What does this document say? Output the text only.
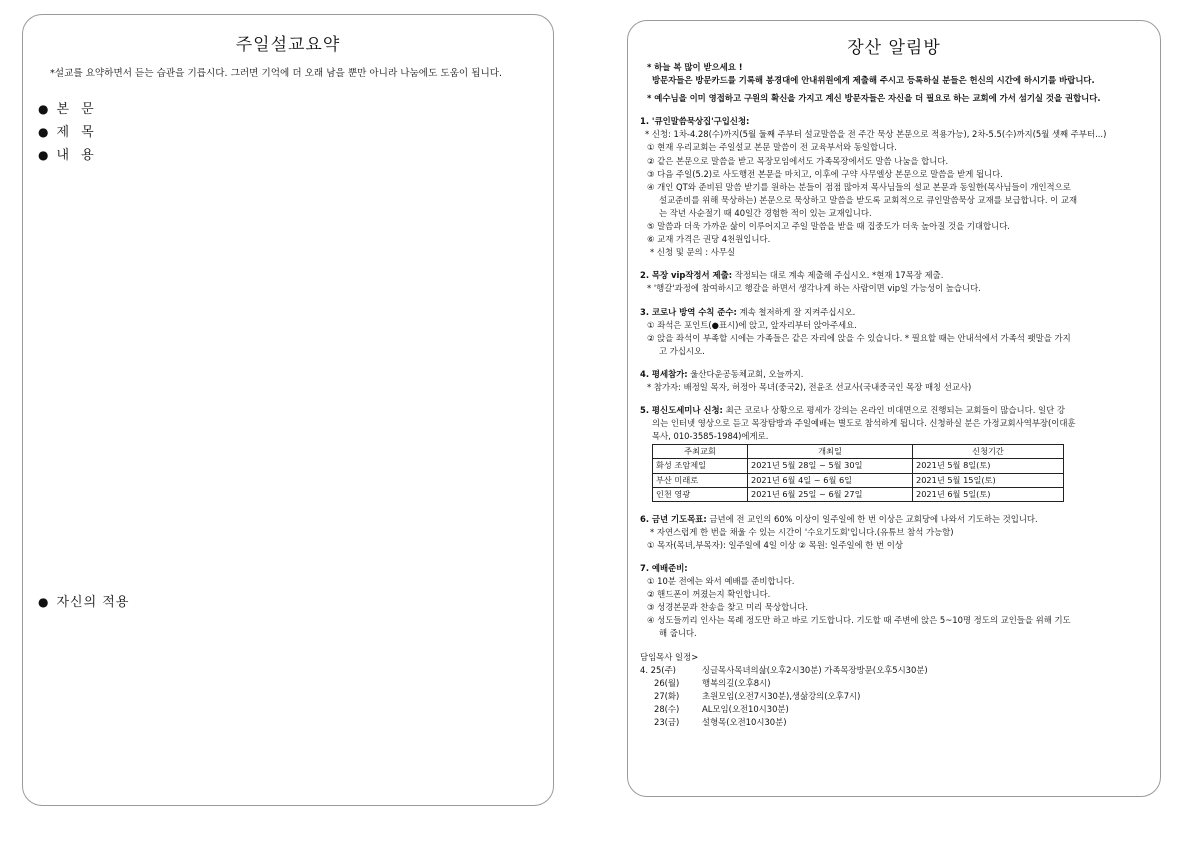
주일설교요약
*설교를 요약하면서 듣는 습관을 기릅시다. 그러면 기억에 더 오래 남을 뿐만 아니라 나눔에도 도움이 됩니다.
● 본 문
● 제 목
● 내 용
● 자신의 적용
장산 알림방
* 하늘 복 많이 받으세요 !
방문자들은 방문카드를 기록해 봉경대에 안내위원에게 제출해 주시고 등록하실 분들은 헌신의 시간에 하시기를 바랍니다.
* 예수님을 이미 영접하고 구원의 확신을 가지고 계신 방문자들은 자신을 더 필요로 하는 교회에 가서 섬기실 것을 권합니다.
1. '큐인말씀묵상집'구입신청:
* 신청: 1차-4.28(수)까지(5월 둘째 주부터 설교말씀을 전 주간 묵상 본문으로 적용가능), 2차-5.5(수)까지(5월 셋째 주부터...)
① 현재 우리교회는 주일설교 본문 말씀이 전 교육부서와 동일합니다.
② 같은 본문으로 말씀을 받고 목장모임에서도 가족목장에서도 말씀 나눔을 합니다.
③ 다음 주일(5.2)로 사도행전 본문을 마치고, 이후에 구약 사무엘상 본문으로 말씀을 받게 됩니다.
④ 개인 QT와 준비된 말씀 받기를 원하는 분들이 점점 많아져 목사님들의 설교 본문과 동일한(목사님들이 개인적으로
설교준비를 위해 묵상하는) 본문으로 묵상하고 말씀을 받도록 교회적으로 큐인말씀묵상 교재를 보급합니다. 이 교재
는 작년 사순절기 때 40일간 경험한 적이 있는 교재입니다.
⑤ 말씀과 더욱 가까운 삶이 이루어지고 주일 말씀을 받을 때 집중도가 더욱 높아질 것을 기대합니다.
⑥ 교재 가격은 권당 4천원입니다.
* 신청 및 문의 : 사무실
2. 목장 vip작정서 제출: 작정되는 대로 계속 제출해 주십시오. *현재 17목장 제출.
* '행갈'과정에 참여하시고 행갈을 하면서 생각나게 하는 사람이면 vip일 가능성이 높습니다.
3. 코로나 방역 수칙 준수: 계속 철저하게 잘 지켜주십시오.
① 좌석은 포인트(●표시)에 앉고, 앞자리부터 앉아주세요.
② 앉을 좌석이 부족할 시에는 가족들은 같은 자리에 앉을 수 있습니다. * 필요할 때는 안내석에서 가족석 팻말을 가지
고 가십시오.
4. 평세참가: 울산다운공동체교회, 오늘까지.
* 참가자: 배정일 목자, 허정아 목녀(중국2), 전윤조 선교사(국내중국인 목장 매칭 선교사)
5. 평신도세미나 신청: 최근 코로나 상황으로 평세가 강의는 온라인 비대면으로 진행되는 교회들이 많습니다. 일단 강
의는 인터넷 영상으로 듣고 목장탐방과 주일예배는 별도로 참석하게 됩니다. 신청하실 분은 가정교회사역부장(이대훈
목사, 010-3585-1984)에게로.
주최교회	개최일	신청기간
화성 조암제일	2021년 5월 28일 ~ 5월 30일	2021년 5월 8일(토)
부산 미래로	2021년 6월 4일 ~ 6월 6일	2021년 5월 15일(토)
인천 영광	2021년 6월 25일 ~ 6월 27일	2021년 6월 5일(토)
6. 금년 기도목표: 금년에 전 교인의 60% 이상이 일주일에 한 번 이상은 교회당에 나와서 기도하는 것입니다.
* 자연스럽게 한 번을 채울 수 있는 시간이 '수요기도회'입니다.(유튜브 참석 가능함)
① 목자(목녀,부목자): 일주일에 4일 이상 ② 목원: 일주일에 한 번 이상
7. 예배준비:
① 10분 전에는 와서 예배를 준비합니다.
② 핸드폰이 꺼졌는지 확인합니다.
③ 성경본문과 찬송을 찾고 미리 묵상합니다.
④ 성도들끼리 인사는 목례 정도만 하고 바로 기도합니다. 기도할 때 주변에 앉은 5~10명 정도의 교인들을 위해 기도
해 줍니다.
담임목사 일정>
4. 25(주)	싱글목사목녀의삶(오후2시30분) 가족목장방문(오후5시30분)
26(월)	행복의길(오후8시)
27(화)	초원모임(오전7시30분),생삶강의(오후7시)
28(수)	AL모임(오전10시30분)
23(금)	설형목(오전10시30분)
